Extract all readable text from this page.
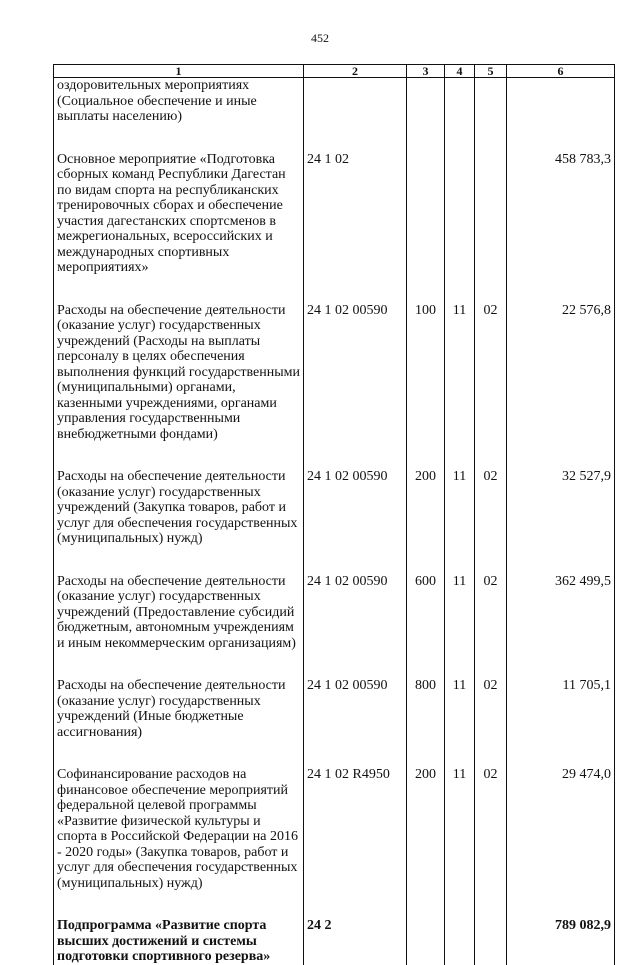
452
1	2	3	4	5	6
оздоровительных мероприятиях (Социальное обеспечение и иные выплаты населению)					
Основное мероприятие «Подготовка сборных команд Республики Дагестан по видам спорта на республиканских тренировочных сборах и обеспечение участия дагестанских спортсменов в межрегиональных, всероссийских и международных спортивных мероприятиях»	24 1 02				458 783,3
Расходы на обеспечение деятельности (оказание услуг) государственных учреждений (Расходы на выплаты персоналу в целях обеспечения выполнения функций государственными (муниципальными) органами, казенными учреждениями, органами управления государственными внебюджетными фондами)	24 1 02 00590	100	11	02	22 576,8
Расходы на обеспечение деятельности (оказание услуг) государственных учреждений (Закупка товаров, работ и услуг для обеспечения государственных (муниципальных) нужд)	24 1 02 00590	200	11	02	32 527,9
Расходы на обеспечение деятельности (оказание услуг) государственных учреждений (Предоставление субсидий бюджетным, автономным учреждениям и иным некоммерческим организациям)	24 1 02 00590	600	11	02	362 499,5
Расходы на обеспечение деятельности (оказание услуг) государственных учреждений (Иные бюджетные ассигнования)	24 1 02 00590	800	11	02	11 705,1
Софинансирование расходов на финансовое обеспечение мероприятий федеральной целевой программы «Развитие физической культуры и спорта в Российской Федерации на 2016 - 2020 годы» (Закупка товаров, работ и услуг для обеспечения государственных (муниципальных) нужд)	24 1 02 R4950	200	11	02	29 474,0
Подпрограмма «Развитие спорта высших достижений и системы подготовки спортивного резерва»	24 2				789 082,9
